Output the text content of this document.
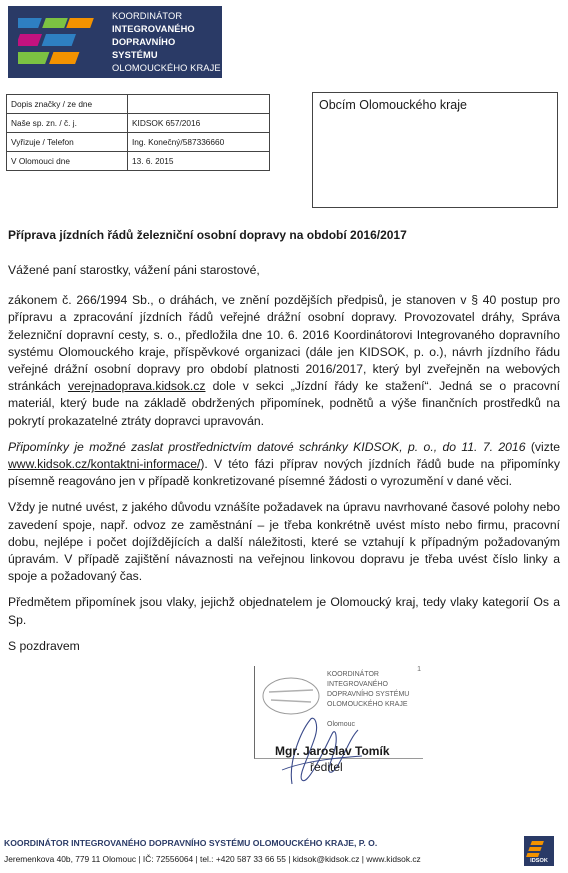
KOORDINÁTOR
INTEGROVANÉHO
DOPRAVNÍHO SYSTÉMU
OLOMOUCKÉHO KRAJE
Dopis značky / ze dne	
Naše sp. zn. / č. j.	KIDSOK 657/2016
Vyřizuje / Telefon	Ing. Konečný/587336660
V Olomouci dne	13. 6. 2015
Obcím Olomouckého kraje
Příprava jízdních řádů železniční osobní dopravy na období 2016/2017

Vážené paní starostky, vážení páni starostové,

zákonem č. 266/1994 Sb., o dráhách, ve znění pozdějších předpisů, je stanoven v § 40 postup pro přípravu a zpracování jízdních řádů veřejné drážní osobní dopravy. Provozovatel dráhy, Správa železniční dopravní cesty, s. o., předložila dne 10. 6. 2016 Koordinátorovi Integrovaného dopravního systému Olomouckého kraje, příspěvkové organizaci (dále jen KIDSOK, p. o.), návrh jízdního řádu veřejné drážní osobní dopravy pro období platnosti 2016/2017, který byl zveřejněn na webových stránkách verejnadoprava.kidsok.cz dole v sekci „Jízdní řády ke stažení“. Jedná se o pracovní materiál, který bude na základě obdržených připomínek, podnětů a výše finančních prostředků na pokrytí prokazatelné ztráty dopravci upravován.

Připomínky je možné zaslat prostřednictvím datové schránky KIDSOK, p. o., do 11. 7. 2016 (vizte www.kidsok.cz/kontaktni-informace/). V této fázi příprav nových jízdních řádů bude na připomínky písemně reagováno jen v případě konkretizované písemné žádosti o vyrozumění v dané věci.

Vždy je nutné uvést, z jakého důvodu vznášíte požadavek na úpravu navrhované časové polohy nebo zavedení spoje, např. odvoz ze zaměstnání – je třeba konkrétně uvést místo nebo firmu, pracovní dobu, nejlépe i počet dojíždějících a další náležitosti, které se vztahují k případným požadovaným úpravám. V případě zajištění návaznosti na veřejnou linkovou dopravu je třeba uvést číslo linky a spoje a požadovaný čas.

Předmětem připomínek jsou vlaky, jejichž objednatelem je Olomoucký kraj, tedy vlaky kategorií Os a Sp.

S pozdravem

1
KOORDINÁTOR
INTEGROVANÉHO
DOPRAVNÍHO SYSTÉMU
OLOMOUCKÉHO KRAJE
Olomouc
Mgr. Jaroslav Tomík
ředitel
KOORDINÁTOR INTEGROVANÉHO DOPRAVNÍHO SYSTÉMU OLOMOUCKÉHO KRAJE, P. O.
Jeremenkova 40b, 779 11 Olomouc | IČ: 72556064 | tel.: +420 587 33 66 55 | kidsok@kidsok.cz | www.kidsok.cz	IDSOK
